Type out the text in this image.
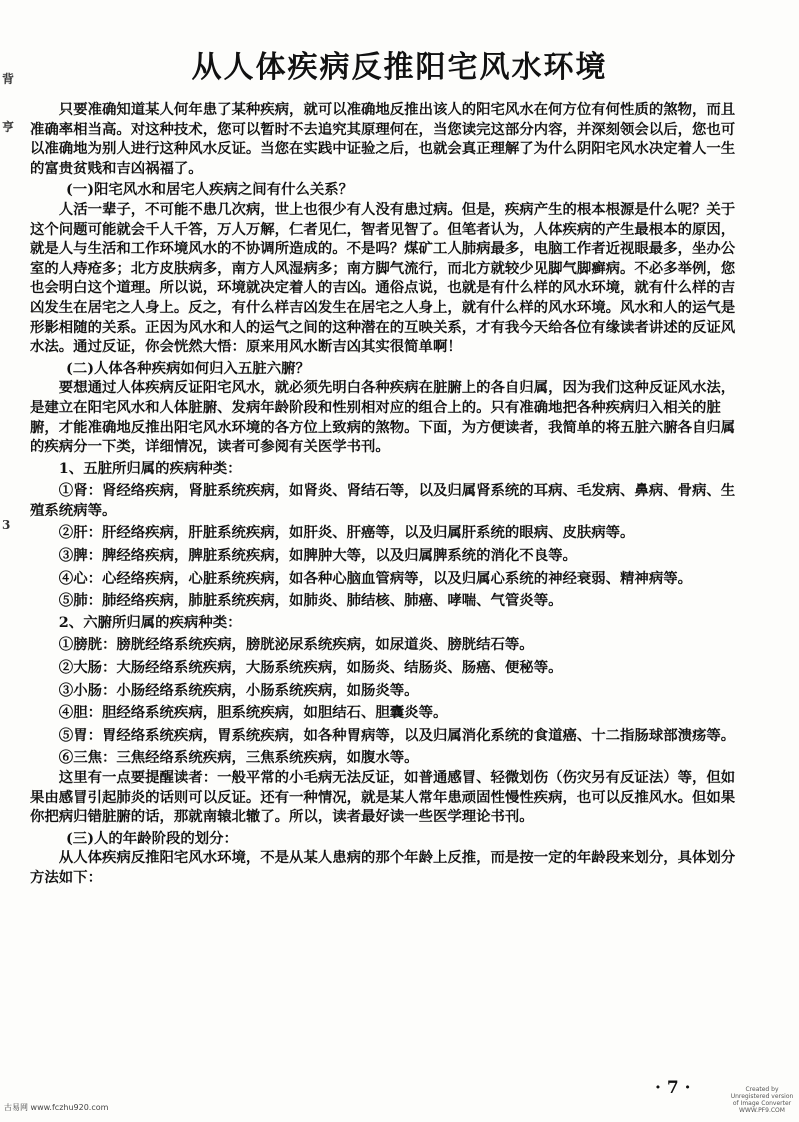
背
亨
3
从人体疾病反推阳宅风水环境

只要准确知道某人何年患了某种疾病，就可以准确地反推出该人的阳宅风水在何方位有何性质的煞物，而且准确率相当高。对这种技术，您可以暂时不去追究其原理何在，当您读完这部分内容，并深刻领会以后，您也可以准确地为别人进行这种风水反证。当您在实践中证验之后，也就会真正理解了为什么阴阳宅风水决定着人一生的富贵贫贱和吉凶祸福了。

(一)阳宅风水和居宅人疾病之间有什么关系？

人活一辈子，不可能不患几次病，世上也很少有人没有患过病。但是，疾病产生的根本根源是什么呢？关于这个问题可能就会千人千答，万人万解，仁者见仁，智者见智了。但笔者认为，人体疾病的产生最根本的原因，就是人与生活和工作环境风水的不协调所造成的。不是吗？煤矿工人肺病最多，电脑工作者近视眼最多，坐办公室的人痔疮多；北方皮肤病多，南方人风湿病多；南方脚气流行，而北方就较少见脚气脚癣病。不必多举例，您也会明白这个道理。所以说，环境就决定着人的吉凶。通俗点说，也就是有什么样的风水环境，就有什么样的吉凶发生在居宅之人身上。反之，有什么样吉凶发生在居宅之人身上，就有什么样的风水环境。风水和人的运气是形影相随的关系。正因为风水和人的运气之间的这种潜在的互映关系，才有我今天给各位有缘读者讲述的反证风水法。通过反证，你会恍然大悟：原来用风水断吉凶其实很简单啊！

(二)人体各种疾病如何归入五脏六腑？

要想通过人体疾病反证阳宅风水，就必须先明白各种疾病在脏腑上的各自归属，因为我们这种反证风水法，是建立在阳宅风水和人体脏腑、发病年龄阶段和性别相对应的组合上的。只有准确地把各种疾病归入相关的脏腑，才能准确地反推出阳宅风水环境的各方位上致病的煞物。下面，为方便读者，我简单的将五脏六腑各自归属的疾病分一下类，详细情况，读者可参阅有关医学书刊。

1、五脏所归属的疾病种类：

①肾：肾经络疾病，肾脏系统疾病，如肾炎、肾结石等，以及归属肾系统的耳病、毛发病、鼻病、骨病、生殖系统病等。

②肝：肝经络疾病，肝脏系统疾病，如肝炎、肝癌等，以及归属肝系统的眼病、皮肤病等。

③脾：脾经络疾病，脾脏系统疾病，如脾肿大等，以及归属脾系统的消化不良等。

④心：心经络疾病，心脏系统疾病，如各种心脑血管病等，以及归属心系统的神经衰弱、精神病等。

⑤肺：肺经络疾病，肺脏系统疾病，如肺炎、肺结核、肺癌、哮喘、气管炎等。

2、六腑所归属的疾病种类：

①膀胱：膀胱经络系统疾病，膀胱泌尿系统疾病，如尿道炎、膀胱结石等。

②大肠：大肠经络系统疾病，大肠系统疾病，如肠炎、结肠炎、肠癌、便秘等。

③小肠：小肠经络系统疾病，小肠系统疾病，如肠炎等。

④胆：胆经络系统疾病，胆系统疾病，如胆结石、胆囊炎等。

⑤胃：胃经络系统疾病，胃系统疾病，如各种胃病等，以及归属消化系统的食道癌、十二指肠球部溃疡等。

⑥三焦：三焦经络系统疾病，三焦系统疾病，如腹水等。

这里有一点要提醒读者：一般平常的小毛病无法反证，如普通感冒、轻微划伤（伤灾另有反证法）等，但如果由感冒引起肺炎的话则可以反证。还有一种情况，就是某人常年患顽固性慢性疾病，也可以反推风水。但如果你把病归错脏腑的话，那就南辕北辙了。所以，读者最好读一些医学理论书刊。

(三)人的年龄阶段的划分：

从人体疾病反推阳宅风水环境，不是从某人患病的那个年龄上反推，而是按一定的年龄段来划分，具体划分方法如下：

· 7 ·
古易网 www.fczhu920.com
Created by Unregistered version of Image Converter WWW.PF9.COM
